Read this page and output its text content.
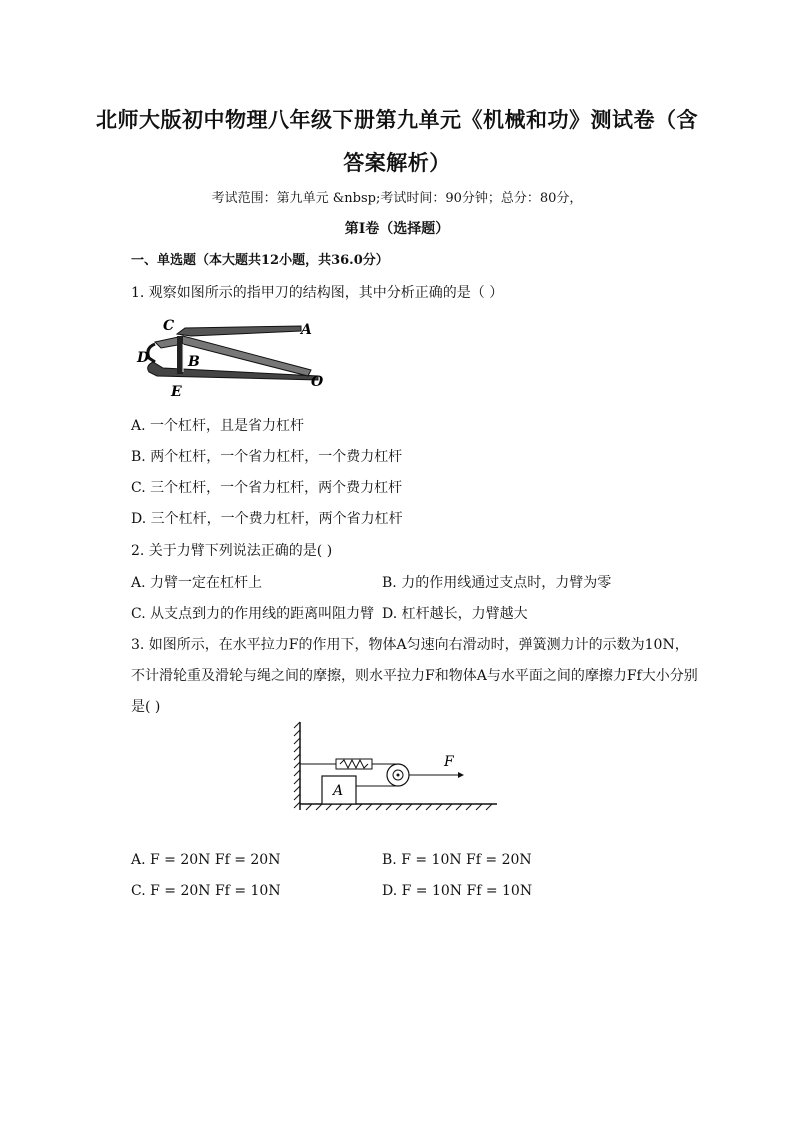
北师大版初中物理八年级下册第九单元《机械和功》测试卷（含
答案解析）
考试范围：第九单元 &nbsp;考试时间：90分钟；总分：80分，
第I卷（选择题）
一、单选题（本大题共12小题，共36.0分）
1. 观察如图所示的指甲刀的结构图，其中分析正确的是（ ）
C	A
D	B
E
O
A. 一个杠杆，且是省力杠杆
B. 两个杠杆，一个省力杠杆，一个费力杠杆
C. 三个杠杆，一个省力杠杆，两个费力杠杆
D. 三个杠杆，一个费力杠杆，两个省力杠杆
2. 关于力臂下列说法正确的是( )
A. 力臂一定在杠杆上	B. 力的作用线通过支点时，力臂为零
C. 从支点到力的作用线的距离叫阻力臂 D. 杠杆越长，力臂越大
3. 如图所示，在水平拉力F的作用下，物体A匀速向右滑动时，弹簧测力计的示数为10N，
不计滑轮重及滑轮与绳之间的摩擦，则水平拉力F和物体A与水平面之间的摩擦力Ff大小分别
是( )
A
F
A. F = 20N Ff = 20N	B. F = 10N Ff = 20N
C. F = 20N Ff = 10N	D. F = 10N Ff = 10N
